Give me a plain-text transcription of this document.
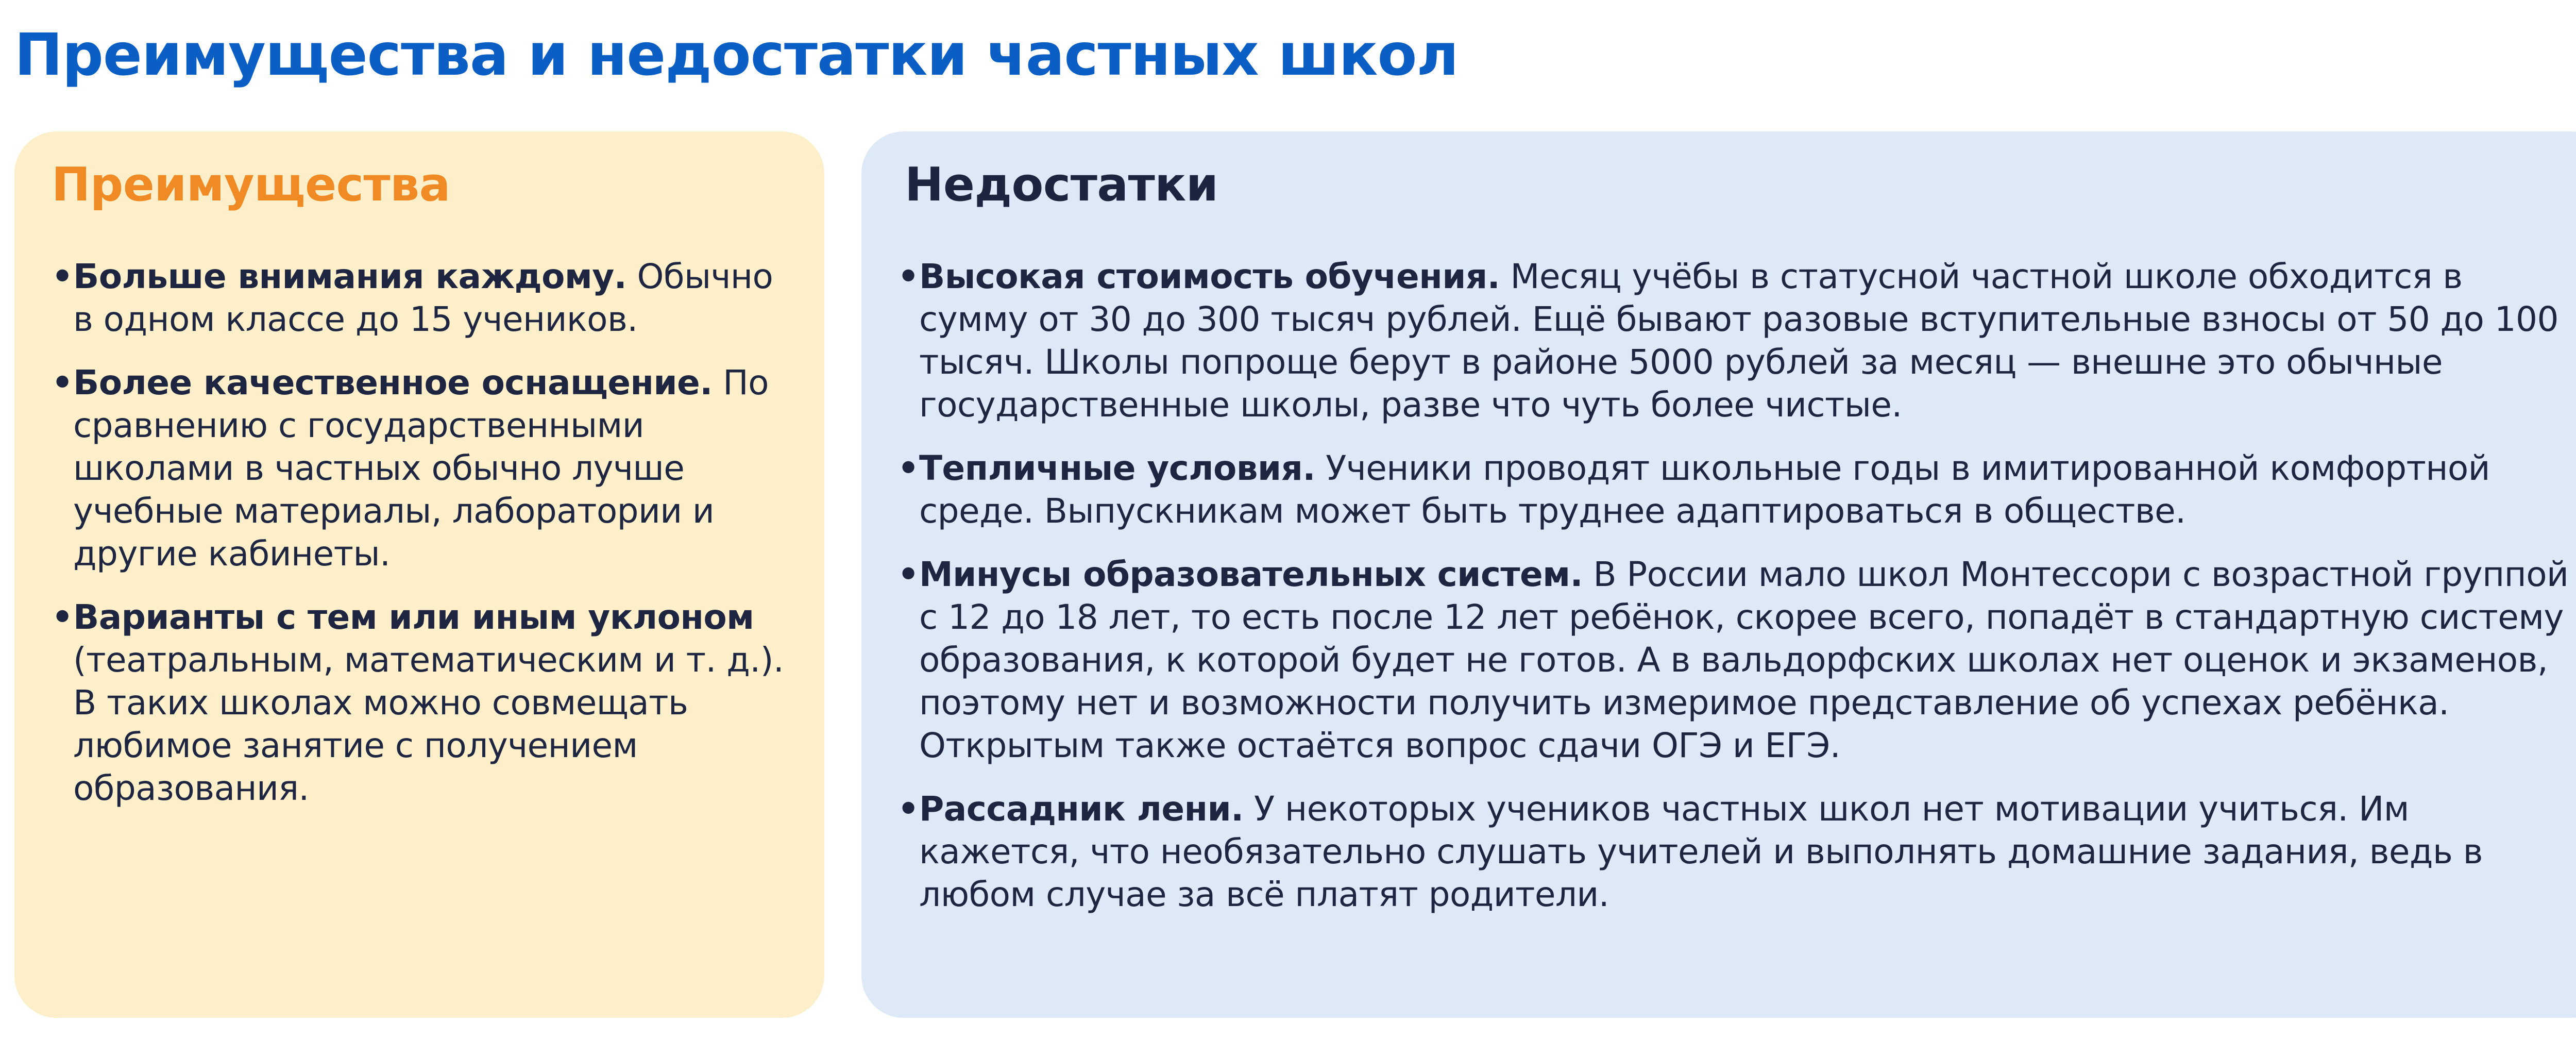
Преимущества и недостатки частных школ
Преимущества
• Больше внимания каждому. Обычно в одном классе до 15 учеников.
• Более качественное оснащение. По сравнению с государственными школами в частных обычно лучше учебные материалы, лаборатории и другие кабинеты.
• Варианты с тем или иным уклоном (театральным, математическим и т. д.). В таких школах можно совмещать любимое занятие с получением образования.
Недостатки
• Высокая стоимость обучения. Месяц учёбы в статусной частной школе обходится в сумму от 30 до 300 тысяч рублей. Ещё бывают разовые вступительные взносы от 50 до 100 тысяч. Школы попроще берут в районе 5000 рублей за месяц — внешне это обычные государственные школы, разве что чуть более чистые.
• Тепличные условия. Ученики проводят школьные годы в имитированной комфортной среде. Выпускникам может быть труднее адаптироваться в обществе.
• Минусы образовательных систем. В России мало школ Монтессори с возрастной группой с 12 до 18 лет, то есть после 12 лет ребёнок, скорее всего, попадёт в стандартную систему образования, к которой будет не готов. А в вальдорфских школах нет оценок и экзаменов, поэтому нет и возможности получить измеримое представление об успехах ребёнка. Открытым также остаётся вопрос сдачи ОГЭ и ЕГЭ.
• Рассадник лени. У некоторых учеников частных школ нет мотивации учиться. Им кажется, что необязательно слушать учителей и выполнять домашние задания, ведь в любом случае за всё платят родители.
